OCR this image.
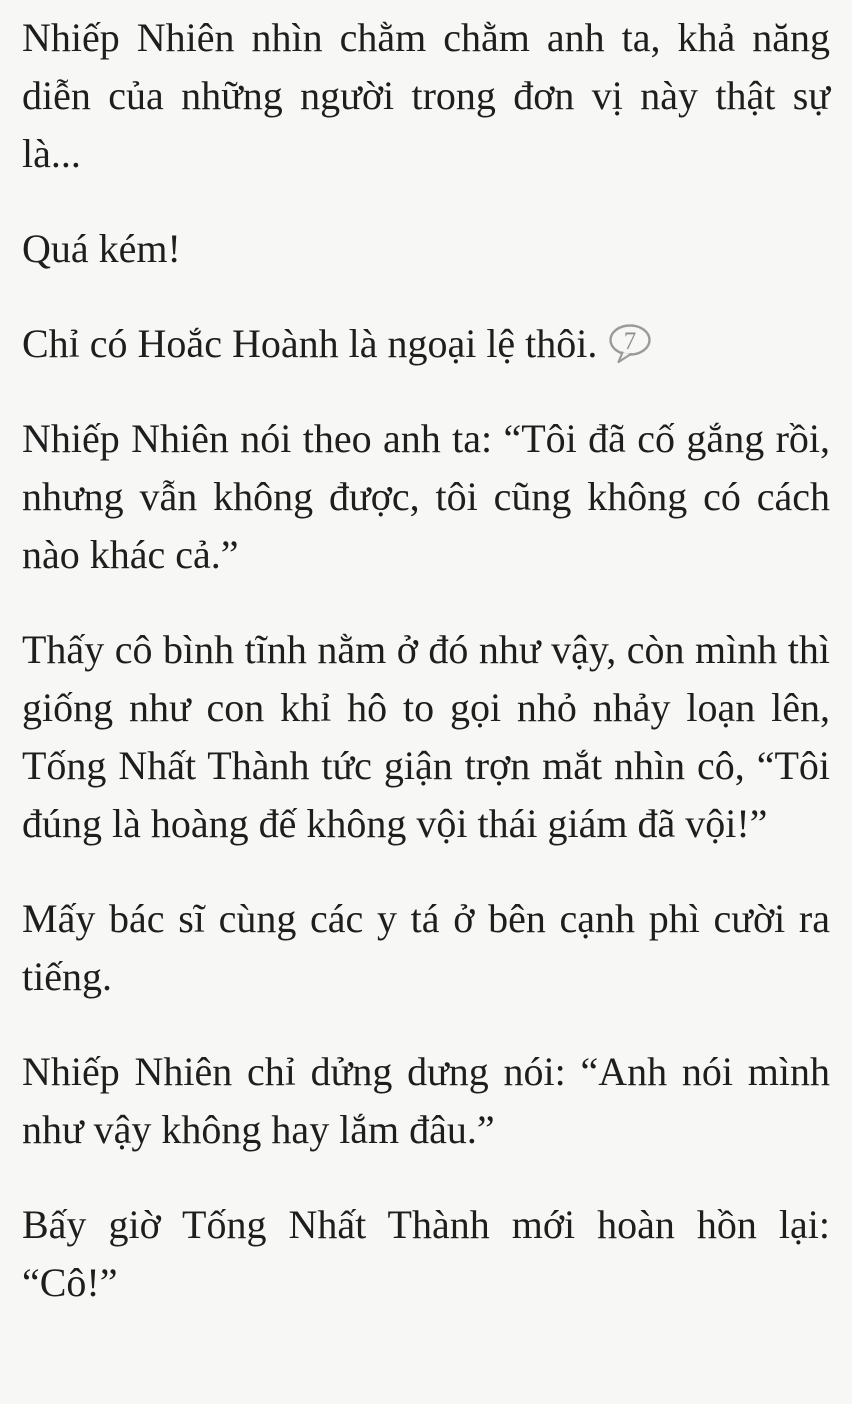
Nhiếp Nhiên nhìn chằm chằm anh ta, khả năng diễn của những người trong đơn vị này thật sự là...

Quá kém!

Chỉ có Hoắc Hoành là ngoại lệ thôi. 7

Nhiếp Nhiên nói theo anh ta: “Tôi đã cố gắng rồi, nhưng vẫn không được, tôi cũng không có cách nào khác cả.”

Thấy cô bình tĩnh nằm ở đó như vậy, còn mình thì giống như con khỉ hô to gọi nhỏ nhảy loạn lên, Tống Nhất Thành tức giận trợn mắt nhìn cô, “Tôi đúng là hoàng đế không vội thái giám đã vội!”

Mấy bác sĩ cùng các y tá ở bên cạnh phì cười ra tiếng.

Nhiếp Nhiên chỉ dửng dưng nói: “Anh nói mình như vậy không hay lắm đâu.”

Bấy giờ Tống Nhất Thành mới hoàn hồn lại: “Cô!”
